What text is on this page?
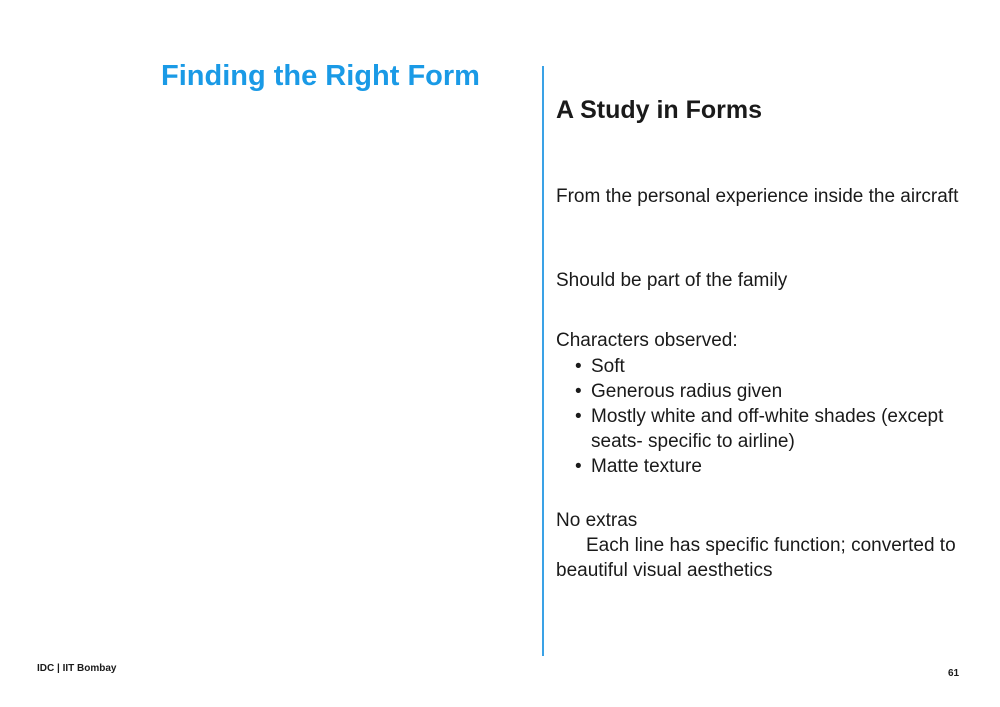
Finding the Right Form
A Study in Forms
From the personal experience inside the aircraft
Should be part of the family
Characters observed:
• Soft
• Generous radius given
• Mostly white and off-white shades (except seats- specific to airline)
• Matte texture
No extras
Each line has specific function; converted to beautiful visual aesthetics
IDC | IIT Bombay	61
